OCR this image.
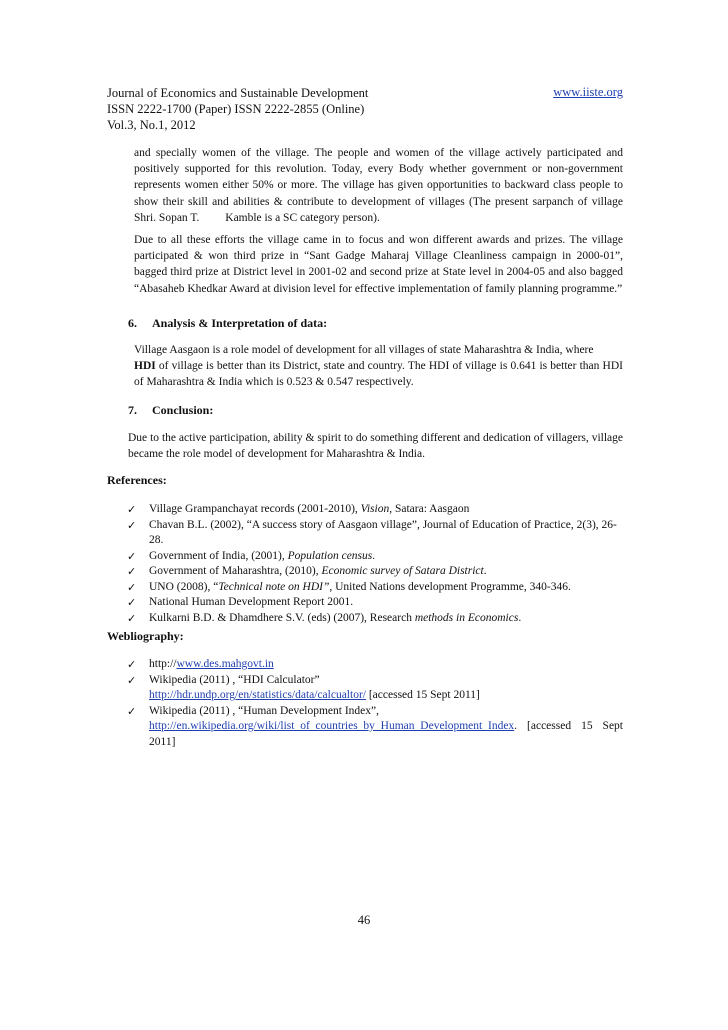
Journal of Economics and Sustainable Development	www.iiste.org
ISSN 2222-1700 (Paper) ISSN 2222-2855 (Online)
Vol.3, No.1, 2012
and specially women of the village. The people and women of the village actively participated and positively supported for this revolution. Today, every Body whether government or non-government represents women either 50% or more. The village has given opportunities to backward class people to show their skill and abilities & contribute to development of villages (The present sarpanch of village Shri. Sopan T.   Kamble is a SC category person).
Due to all these efforts the village came in to focus and won different awards and prizes. The village participated & won third prize in “Sant Gadge Maharaj Village Cleanliness campaign in 2000-01”, bagged third prize at District level in 2001-02 and second prize at State level in 2004-05 and also bagged “Abasaheb Khedkar Award at division level for effective implementation of family planning programme.”
6. Analysis & Interpretation of data:
Village Aasgaon is a role model of development for all villages of state Maharashtra & India, where
HDI of village is better than its District, state and country. The HDI of village is 0.641 is better than HDI of Maharashtra & India which is 0.523 & 0.547 respectively.
7. Conclusion:
Due to the active participation, ability & spirit to do something different and dedication of villagers, village became the role model of development for Maharashtra & India.
References:
✓ Village Grampanchayat records (2001-2010), Vision, Satara: Aasgaon
✓ Chavan B.L. (2002), “A success story of Aasgaon village”, Journal of Education of Practice, 2(3), 26-28.
✓ Government of India, (2001), Population census.
✓ Government of Maharashtra, (2010), Economic survey of Satara District.
✓ UNO (2008), “Technical note on HDI”, United Nations development Programme, 340-346.
✓ National Human Development Report 2001.
✓ Kulkarni B.D. & Dhamdhere S.V. (eds) (2007), Research methods in Economics.
Webliography:
✓ http://www.des.mahgovt.in
✓ Wikipedia (2011) , “HDI Calculator”
http://hdr.undp.org/en/statistics/data/calcualtor/ [accessed 15 Sept 2011]
✓ Wikipedia (2011) , “Human Development Index”,
http://en.wikipedia.org/wiki/list_of_countries_by_Human_Development_Index. [accessed 15 Sept 2011]
46
